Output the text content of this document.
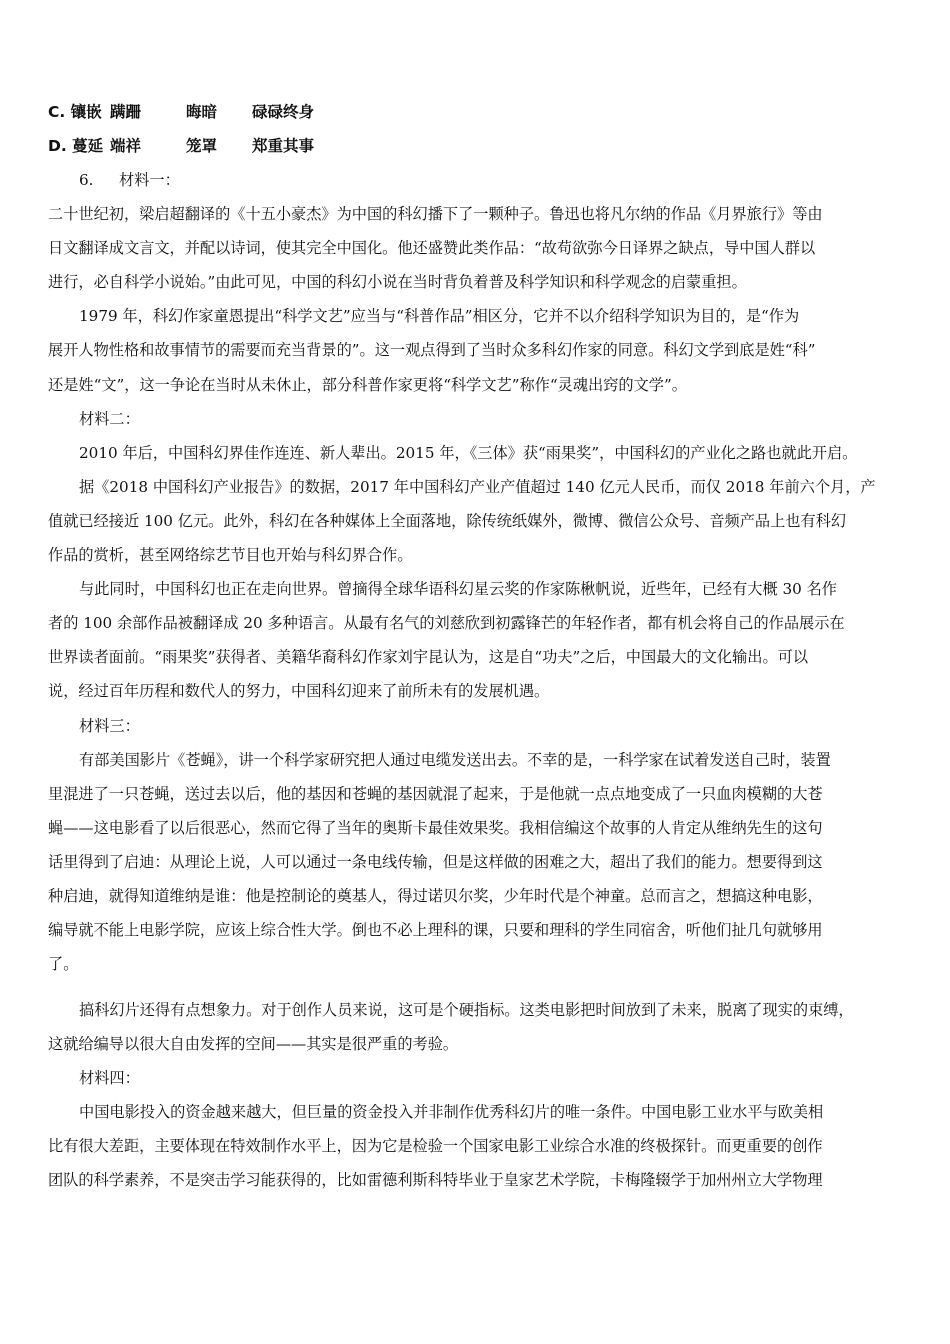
C. 镶嵌 蹒跚	晦暗 碌碌终身
D. 蔓延 端祥	笼罩 郑重其事
6. 材料一：
二十世纪初，梁启超翻译的《十五小豪杰》为中国的科幻播下了一颗种子。鲁迅也将凡尔纳的作品《月界旅行》等由
日文翻译成文言文，并配以诗词，使其完全中国化。他还盛赞此类作品：“故苟欲弥今日译界之缺点，导中国人群以
进行，必自科学小说始。”由此可见，中国的科幻小说在当时背负着普及科学知识和科学观念的启蒙重担。
1979 年，科幻作家童恩提出“科学文艺”应当与“科普作品”相区分，它并不以介绍科学知识为目的，是“作为
展开人物性格和故事情节的需要而充当背景的”。这一观点得到了当时众多科幻作家的同意。科幻文学到底是姓“科”
还是姓“文”，这一争论在当时从未休止，部分科普作家更将“科学文艺”称作“灵魂出窍的文学”。
材料二：
2010 年后，中国科幻界佳作连连、新人辈出。2015 年，《三体》获“雨果奖”，中国科幻的产业化之路也就此开启。
据《2018 中国科幻产业报告》的数据，2017 年中国科幻产业产值超过 140 亿元人民币，而仅 2018 年前六个月，产
值就已经接近 100 亿元。此外，科幻在各种媒体上全面落地，除传统纸媒外，微博、微信公众号、音频产品上也有科幻
作品的赏析，甚至网络综艺节目也开始与科幻界合作。
与此同时，中国科幻也正在走向世界。曾摘得全球华语科幻星云奖的作家陈楸帆说，近些年，已经有大概 30 名作
者的 100 余部作品被翻译成 20 多种语言。从最有名气的刘慈欣到初露锋芒的年轻作者，都有机会将自己的作品展示在
世界读者面前。“雨果奖”获得者、美籍华裔科幻作家刘宇昆认为，这是自“功夫”之后，中国最大的文化输出。可以
说，经过百年历程和数代人的努力，中国科幻迎来了前所未有的发展机遇。
材料三：
有部美国影片《苍蝇》，讲一个科学家研究把人通过电缆发送出去。不幸的是，一科学家在试着发送自己时，装置
里混进了一只苍蝇，送过去以后，他的基因和苍蝇的基因就混了起来，于是他就一点点地变成了一只血肉模糊的大苍
蝇——这电影看了以后很恶心，然而它得了当年的奥斯卡最佳效果奖。我相信编这个故事的人肯定从维纳先生的这句
话里得到了启迪：从理论上说，人可以通过一条电线传输，但是这样做的困难之大，超出了我们的能力。想要得到这
种启迪，就得知道维纳是谁：他是控制论的奠基人，得过诺贝尔奖，少年时代是个神童。总而言之，想搞这种电影，
编导就不能上电影学院，应该上综合性大学。倒也不必上理科的课，只要和理科的学生同宿舍，听他们扯几句就够用
了。
搞科幻片还得有点想象力。对于创作人员来说，这可是个硬指标。这类电影把时间放到了未来，脱离了现实的束缚，
这就给编导以很大自由发挥的空间——其实是很严重的考验。
材料四：
中国电影投入的资金越来越大，但巨量的资金投入并非制作优秀科幻片的唯一条件。中国电影工业水平与欧美相
比有很大差距，主要体现在特效制作水平上，因为它是检验一个国家电影工业综合水准的终极探针。而更重要的创作
团队的科学素养，不是突击学习能获得的，比如雷德利斯科特毕业于皇家艺术学院，卡梅隆辍学于加州州立大学物理
